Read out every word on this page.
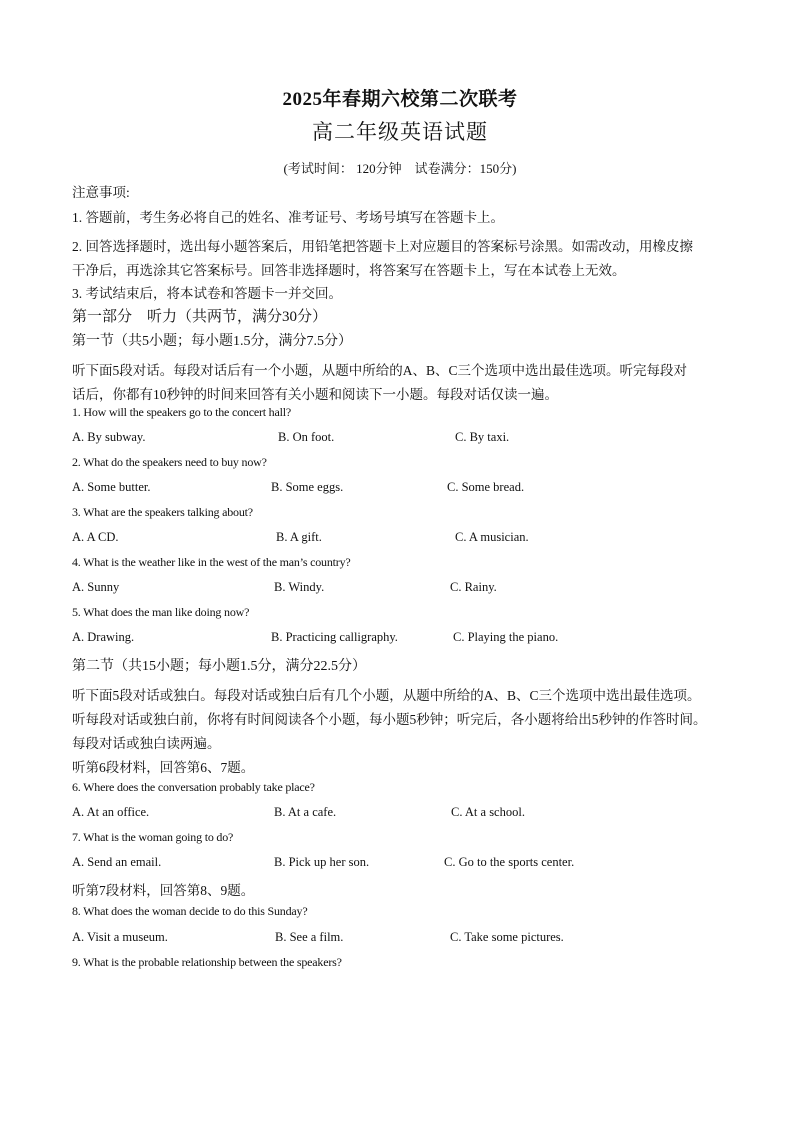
2025年春期六校第二次联考
高二年级英语试题
(考试时间： 120分钟　试卷满分：150分)
注意事项:
1. 答题前，考生务必将自己的姓名、准考证号、考场号填写在答题卡上。
2. 回答选择题时，选出每小题答案后，用铅笔把答题卡上对应题目的答案标号涂黑。如需改动，用橡皮擦
干净后，再选涂其它答案标号。回答非选择题时，将答案写在答题卡上，写在本试卷上无效。
3. 考试结束后，将本试卷和答题卡一并交回。
第一部分　听力（共两节，满分30分）
第一节（共5小题；每小题1.5分，满分7.5分）
听下面5段对话。每段对话后有一个小题，从题中所给的A、B、C三个选项中选出最佳选项。听完每段对
话后，你都有10秒钟的时间来回答有关小题和阅读下一小题。每段对话仅读一遍。
1. How will the speakers go to the concert hall?
A. By subway.	B. On foot.	C. By taxi.
2. What do the speakers need to buy now?
A. Some butter.	B. Some eggs.	C. Some bread.
3. What are the speakers talking about?
A. A CD.	B. A gift.	C. A musician.
4. What is the weather like in the west of the man’s country?
A. Sunny	B. Windy.	C. Rainy.
5. What does the man like doing now?
A. Drawing.	B. Practicing calligraphy.	C. Playing the piano.
第二节（共15小题；每小题1.5分，满分22.5分）
听下面5段对话或独白。每段对话或独白后有几个小题，从题中所给的A、B、C三个选项中选出最佳选项。
听每段对话或独白前，你将有时间阅读各个小题，每小题5秒钟；听完后，各小题将给出5秒钟的作答时间。
每段对话或独白读两遍。
听第6段材料，回答第6、7题。
6. Where does the conversation probably take place?
A. At an office.	B. At a cafe.	C. At a school.
7. What is the woman going to do?
A. Send an email.	B. Pick up her son.	C. Go to the sports center.
听第7段材料，回答第8、9题。
8. What does the woman decide to do this Sunday?
A. Visit a museum.	B. See a film.	C. Take some pictures.
9. What is the probable relationship between the speakers?
